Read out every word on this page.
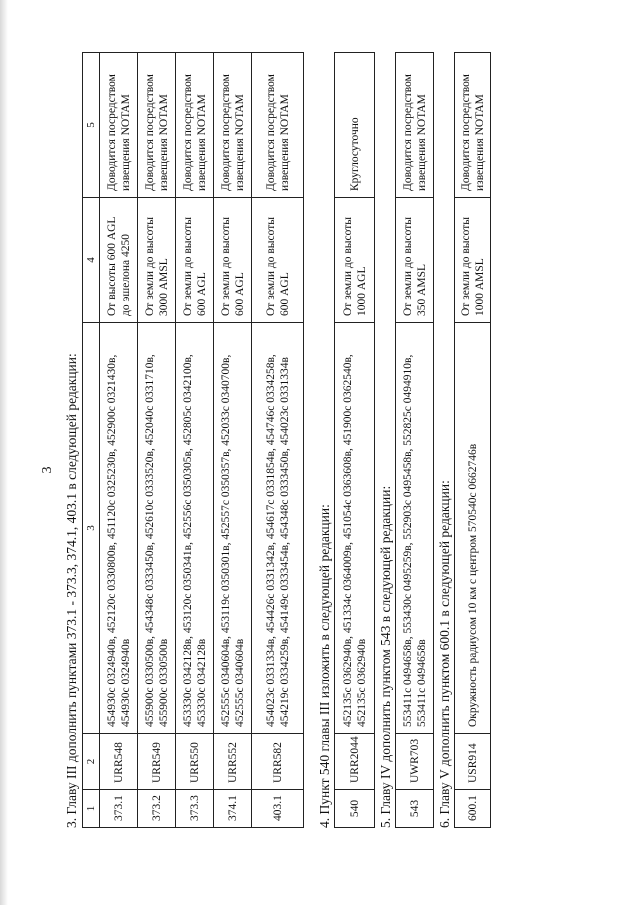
3 3. Главу III дополнить пунктами 373.1 - 373.3, 374.1, 403.1 в следующей редакции: 1	2	3	4	5
373.1	URR548	454930с 0324940в, 452120с 0330800в, 451120с 0325230в, 452900с 0321430в, 454930с 0324940в	От высоты 600 AGL до эшелона 4250	Доводится посредством извещения NOTAM
373.2	URR549	455900с 0330500в, 454348с 0333450в, 452610с 0333520в, 452040с 0331710в, 455900с 0330500в	От земли до высоты 3000 AMSL	Доводится посредством извещения NOTAM
373.3	URR550	453330с 0342128в, 453120с 0350341в, 452556с 0350305в, 452805с 0342100в, 453330с 0342128в	От земли до высоты 600 AGL	Доводится посредством извещения NOTAM
374.1	URR552	452555с 0340604в, 453119с 0350301в, 452557с 0350357в, 452033с 0340700в, 452555с 0340604в	От земли до высоты 600 AGL	Доводится посредством извещения NOTAM
403.1	URR582	454023с 0331334в, 454426с 0331342в, 454617с 0331854в, 454746с 0334258в, 454219с 0334259в, 454149с 0333454в, 454348с 0333450в, 454023с 0331334в	От земли до высоты 600 AGL	Доводится посредством извещения NOTAM
4. Пункт 540 главы III изложить в следующей редакции: 540	URR2044	452135с 0362940в, 451334с 0364009в, 451054с 0363608в, 451900с 0362540в, 452135с 0362940в	От земли до высоты 1000 AGL	Круглосуточно
5. Главу IV дополнить пунктом 543 в следующей редакции: 543	UWR703	553411с 0494658в, 553430с 0495259в, 552903с 0495458в, 552825с 0494910в, 553411с 0494658в	От земли до высоты 350 AMSL	Доводится посредством извещения NOTAM
6. Главу V дополнить пунктом 600.1 в следующей редакции: 600.1	USR914	Окружность радиусом 10 км с центром 570540с 0662746в	От земли до высоты 1000 AMSL	Доводится посредством извещения NOTAM
